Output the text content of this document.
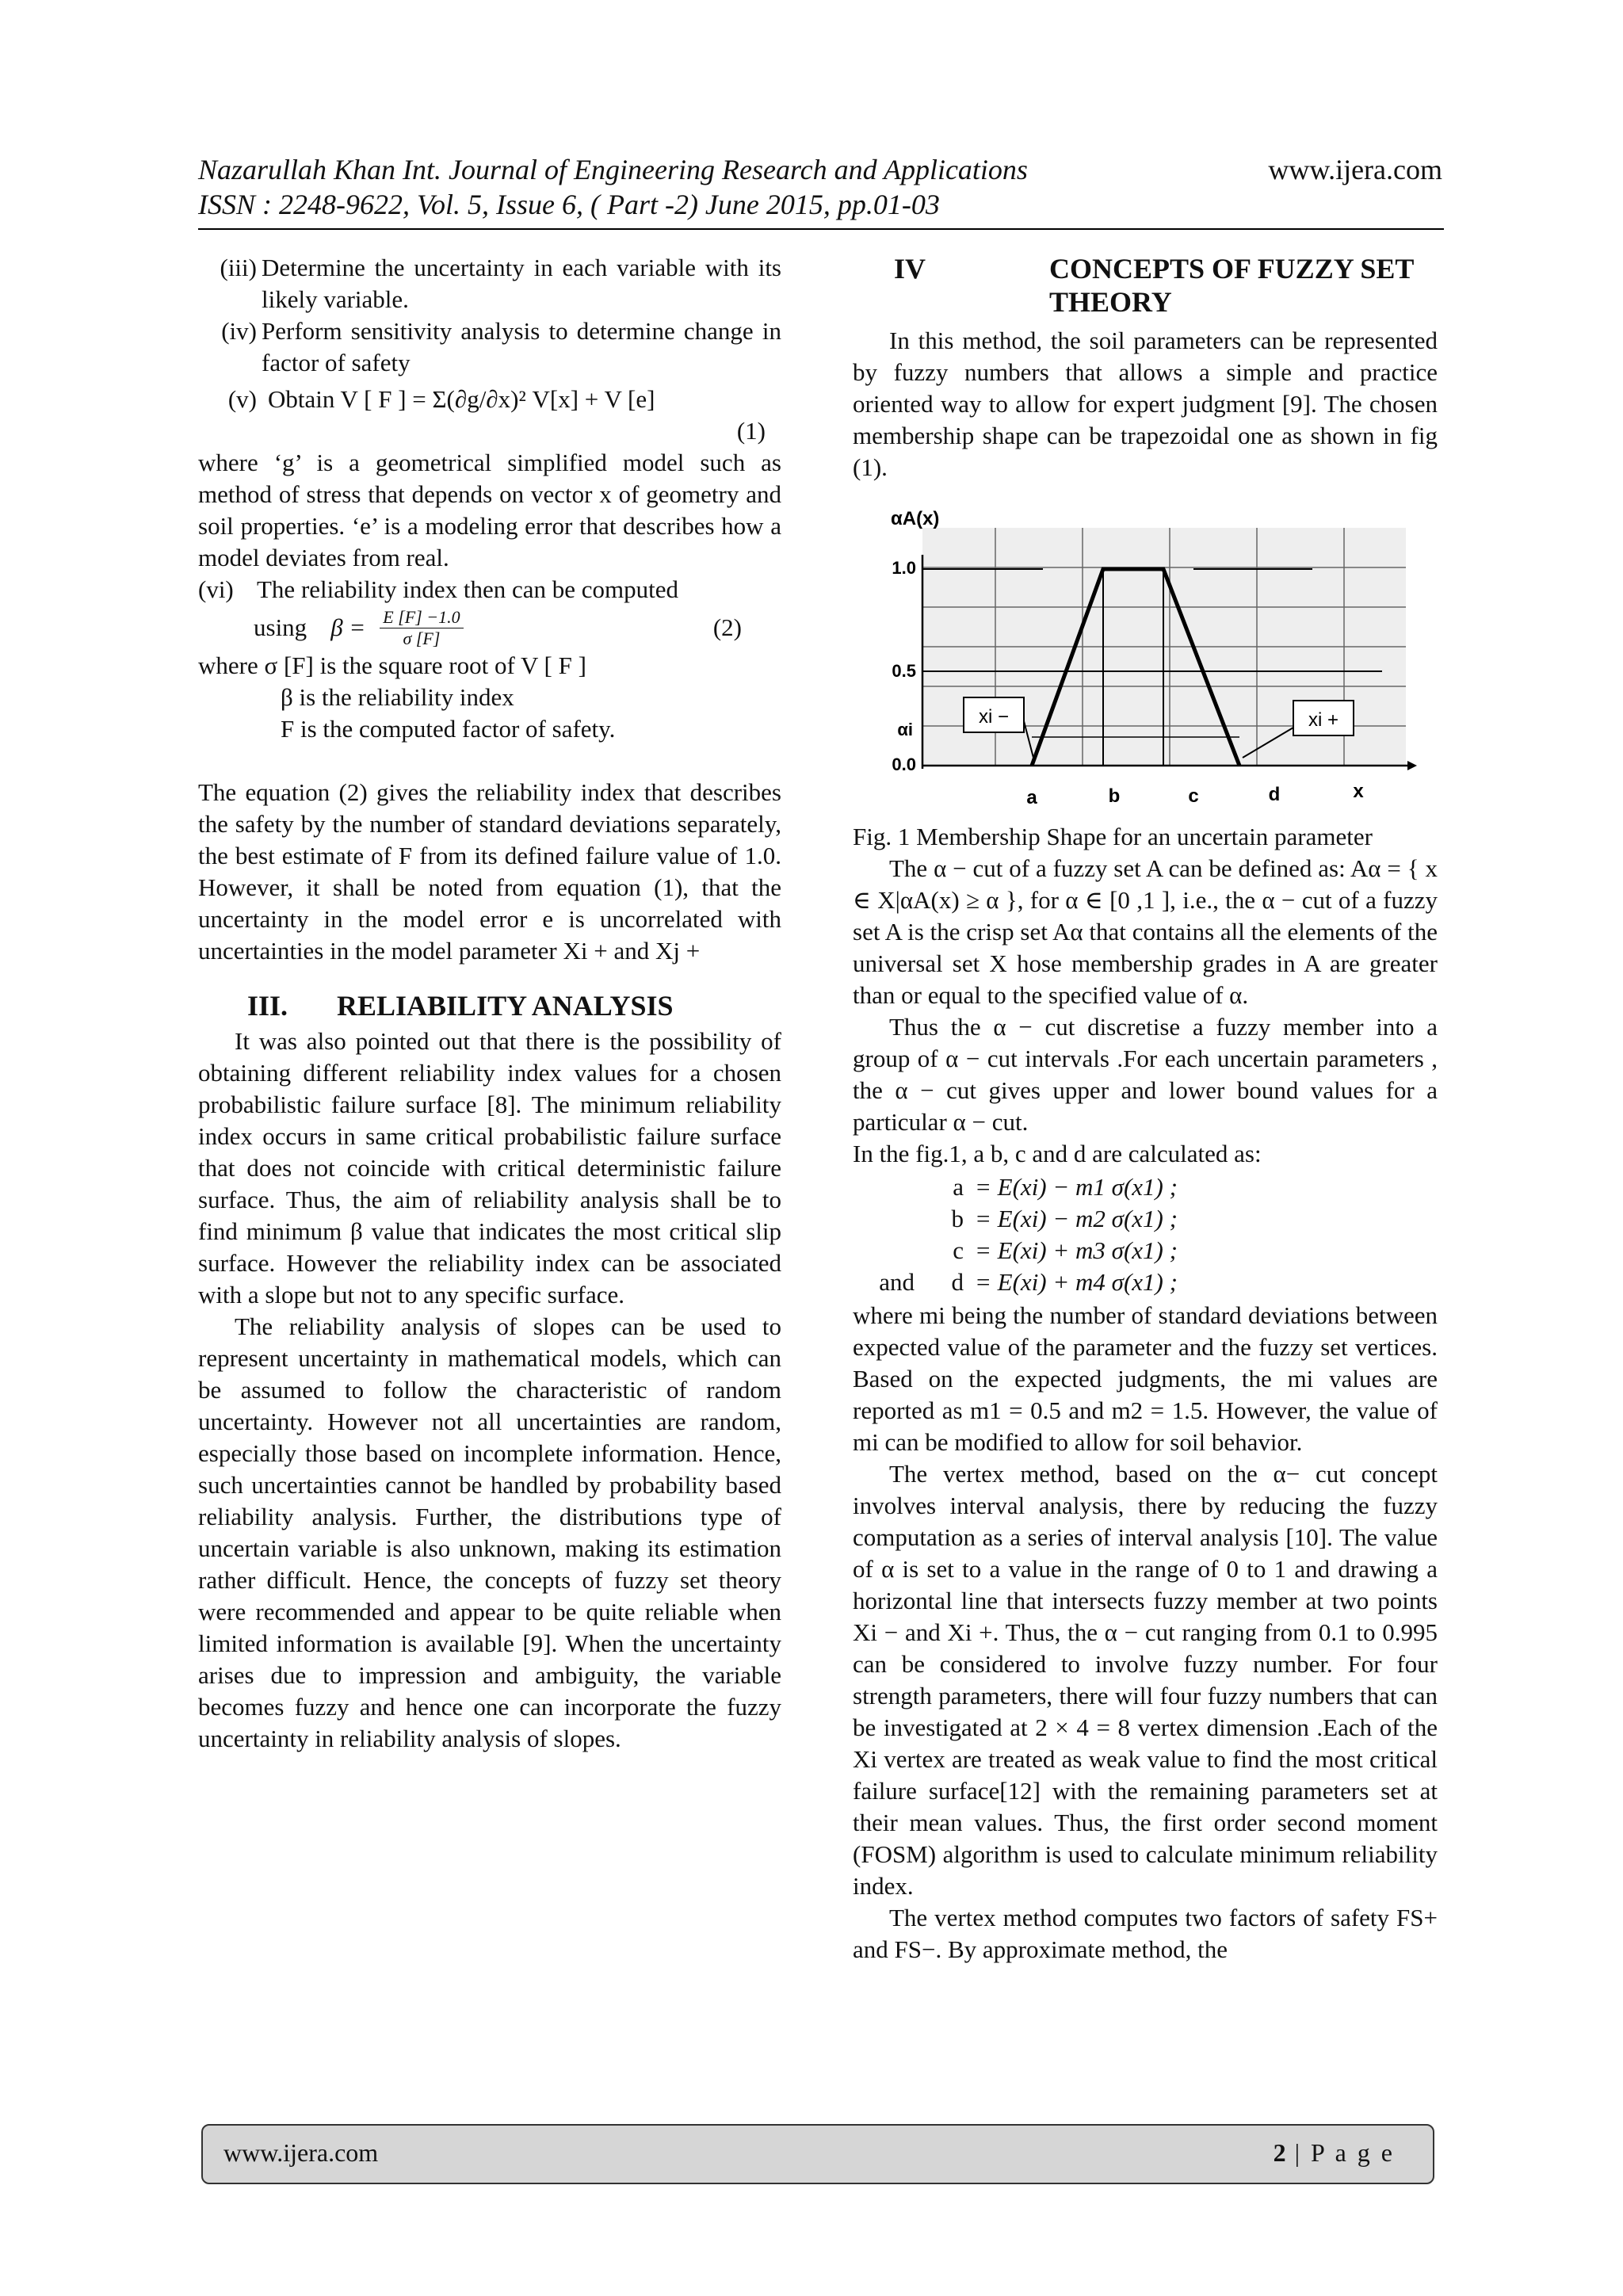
Nazarullah Khan Int. Journal of Engineering Research and Applications
ISSN : 2248-9622, Vol. 5, Issue 6, ( Part -2) June 2015, pp.01-03
www.ijera.com
(iii) Determine the uncertainty in each variable with its likely variable.
(iv) Perform sensitivity analysis to determine change in factor of safety
(v) Obtain V [ F ] = Σ(∂g/∂x)² V[x] + V [e]
(1)

where ‘g’ is a geometrical simplified model such as method of stress that depends on vector x of geometry and soil properties. ‘e’ is a modeling error that describes how a model deviates from real.

(vi) The reliability index then can be computed
using $\beta = \frac{E [F] -1.0}{\sigma [F]}$	(2)
where σ [F] is the square root of V [ F ]
β is the reliability index
F is the computed factor of safety.

The equation (2) gives the reliability index that describes the safety by the number of standard deviations separately, the best estimate of F from its defined failure value of 1.0. However, it shall be noted from equation (1), that the uncertainty in the model error e is uncorrelated with uncertainties in the model parameter Xi + and Xj +

III. RELIABILITY ANALYSIS

It was also pointed out that there is the possibility of obtaining different reliability index values for a chosen probabilistic failure surface [8]. The minimum reliability index occurs in same critical probabilistic failure surface that does not coincide with critical deterministic failure surface. Thus, the aim of reliability analysis shall be to find minimum β value that indicates the most critical slip surface. However the reliability index can be associated with a slope but not to any specific surface.

The reliability analysis of slopes can be used to represent uncertainty in mathematical models, which can be assumed to follow the characteristic of random uncertainty. However not all uncertainties are random, especially those based on incomplete information. Hence, such uncertainties cannot be handled by probability based reliability analysis. Further, the distributions type of uncertain variable is also unknown, making its estimation rather difficult. Hence, the concepts of fuzzy set theory were recommended and appear to be quite reliable when limited information is available [9]. When the uncertainty arises due to impression and ambiguity, the variable becomes fuzzy and hence one can incorporate the fuzzy uncertainty in reliability analysis of slopes.

IV	CONCEPTS OF FUZZY SET THEORY

In this method, the soil parameters can be represented by fuzzy numbers that allows a simple and practice oriented way to allow for expert judgment [9]. The chosen membership shape can be trapezoidal one as shown in fig (1).

xi −	xi +
αA(x)
1.0
0.5
αi
0.0
a	b	c	d	x
Fig. 1 Membership Shape for an uncertain parameter

The α − cut of a fuzzy set A can be defined as: Aα = { x ∈ X|αA(x) ≥ α }, for α ∈ [0 ,1 ], i.e., the α − cut of a fuzzy set A is the crisp set Aα that contains all the elements of the universal set X hose membership grades in A are greater than or equal to the specified value of α.

Thus the α − cut discretise a fuzzy member into a group of α − cut intervals .For each uncertain parameters , the α − cut gives upper and lower bound values for a particular α − cut.

In the fig.1, a b, c and d are calculated as:

a = E(xi) − m1 σ(x1) ;
b = E(xi) − m2 σ(x1) ;
c = E(xi) + m3 σ(x1) ;
and      d = E(xi) + m4 σ(x1) ;

where mi being the number of standard deviations between expected value of the parameter and the fuzzy set vertices. Based on the expected judgments, the mi values are reported as m1 = 0.5 and m2 = 1.5. However, the value of mi can be modified to allow for soil behavior.

The vertex method, based on the α− cut concept involves interval analysis, there by reducing the fuzzy computation as a series of interval analysis [10]. The value of α is set to a value in the range of 0 to 1 and drawing a horizontal line that intersects fuzzy member at two points Xi − and Xi +. Thus, the α − cut ranging from 0.1 to 0.995 can be considered to involve fuzzy number. For four strength parameters, there will four fuzzy numbers that can be investigated at 2 × 4 = 8 vertex dimension .Each of the Xi vertex are treated as weak value to find the most critical failure surface[12] with the remaining parameters set at their mean values. Thus, the first order second moment (FOSM) algorithm is used to calculate minimum reliability index.

The vertex method computes two factors of safety FS+ and FS−. By approximate method, the

www.ijera.com	2 | P a g e
